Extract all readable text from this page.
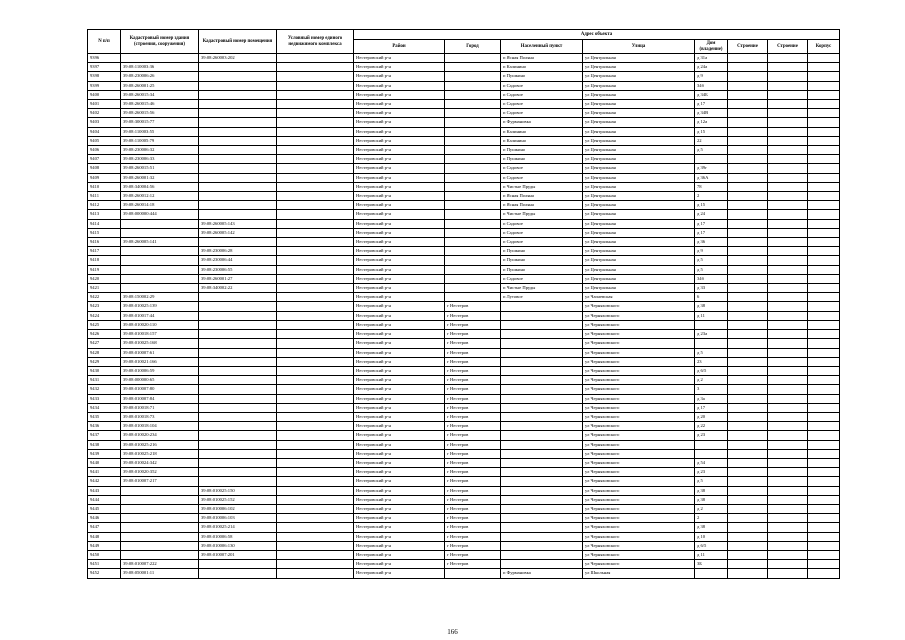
N п/п	Кадастровый номер здания (строения, сооружения)	Кадастровый номер помещения	Условный номер единого недвижимого комплекса	Адрес объекта							
				Район	Город	Населенный пункт	Улица	Дом (владение)	Строение	Строение	Корпус
9396		39:08:260003:202		Нестеровский р-н		п Ясная Поляна	ул Центральная	д 31а			
9397	39:08:110003:36			Нестеровский р-н		п Калинино	ул Центральная	д 24а			
9398	39:08:230006:26			Нестеровский р-н		п Пушкино	ул Центральная	д 9			
9399	39:08:260001:25			Нестеровский р-н		п Садовое	ул Центральная	34б			
9400	39:08:260015:34			Нестеровский р-н		п Садовое	ул Центральная	д 34Б			
9401	39:08:260015:46			Нестеровский р-н		п Садовое	ул Центральная	д 17			
9402	39:08:260015:56			Нестеровский р-н		п Садовое	ул Центральная	д 34В			
9403	39:08:300015:77			Нестеровский р-н		п Фурмановка	ул Центральная	д 12а			
9404	39:08:110003:55			Нестеровский р-н		п Калинино	ул Центральная	д 15			
9405	39:08:110005:79			Нестеровский р-н		п Калинино	ул Центральная	22			
9406	39:08:230006:32			Нестеровский р-н		п Пушкино	ул Центральная	д 5			
9407	39:08:230006:33			Нестеровский р-н		п Пушкино	ул Центральная				
9408	39:08:260015:51			Нестеровский р-н		п Садовое	ул Центральная	д 39г			
9409	39:08:260001:32			Нестеровский р-н		п Садовое	ул Центральная	д 36А			
9410	39:08:340004:56			Нестеровский р-н		п Чистые Пруды	ул Центральная	78			
9411	39:08:260012:12			Нестеровский р-н		п Ясная Поляна	ул Центральная	2			
9412	39:08:260014:18			Нестеровский р-н		п Ясная Поляна	ул Центральная	д 15			
9413	39:08:000000:444			Нестеровский р-н		п Чистые Пруды	ул Центральная	д 24			
9414		39:08:260005:143		Нестеровский р-н		п Садовое	ул Центральная	д 17			
9415		39:08:260005:142		Нестеровский р-н		п Садовое	ул Центральная	д 17			
9416	39:08:260005:141			Нестеровский р-н		п Садовое	ул Центральная	д 36			
9417		39:08:230006:28		Нестеровский р-н		п Пушкино	ул Центральная	д 9			
9418		39:08:230006:44		Нестеровский р-н		п Пушкино	ул Центральная	д 5			
9419		39:08:230006:55		Нестеровский р-н		п Пушкино	ул Центральная	д 5			
9420		39:08:260001:27		Нестеровский р-н		п Садовое	ул Центральная	34б			
9421		39:08:340002:22		Нестеровский р-н		п Чистые Пруды	ул Центральная	д 33			
9422	39:08:150002:29			Нестеровский р-н		п Лутовое	ул Чапаевская	6			
9423	39:08:010025:139			Нестеровский р-н	г Нестеров		ул Черняховского	д 38			
9424	39:08:010017:44			Нестеровский р-н	г Нестеров		ул Черняховского	д 11			
9425	39:08:010020:110			Нестеровский р-н	г Нестеров		ул Черняховского				
9426	39:08:010018:157			Нестеровский р-н	г Нестеров		ул Черняховского	д 23а			
9427	39:08:010025:168			Нестеровский р-н	г Нестеров		ул Черняховского				
9428	39:08:010007:61			Нестеровский р-н	г Нестеров		ул Черняховского	д 5			
9429	39:08:010021:166			Нестеровский р-н	г Нестеров		ул Черняховского	23			
9430	39:08:010006:59			Нестеровский р-н	г Нестеров		ул Черняховского	д 6/5			
9431	39:08:000000:65			Нестеровский р-н	г Нестеров		ул Черняховского	д 2			
9432	39:08:010007:80			Нестеровский р-н	г Нестеров		ул Черняховского	3			
9433	39:08:010007:84			Нестеровский р-н	г Нестеров		ул Черняховского	д 3а			
9434	39:08:010018:71			Нестеровский р-н	г Нестеров		ул Черняховского	д 17			
9435	39:08:010018:73			Нестеровский р-н	г Нестеров		ул Черняховского	д 20			
9436	39:08:010018:104			Нестеровский р-н	г Нестеров		ул Черняховского	д 22			
9437	39:08:010020:234			Нестеровский р-н	г Нестеров		ул Черняховского	д 23			
9438	39:08:010025:216			Нестеровский р-н	г Нестеров		ул Черняховского				
9439	39:08:010025:218			Нестеровский р-н	г Нестеров		ул Черняховского				
9440	39:08:010024:342			Нестеровский р-н	г Нестеров		ул Черняховского	д 54			
9441	39:08:010020:352			Нестеровский р-н	г Нестеров		ул Черняховского	д 23			
9442	39:08:010007:217			Нестеровский р-н	г Нестеров		ул Черняховского	д 5			
9443		39:08:010025:150		Нестеровский р-н	г Нестеров		ул Черняховского	д 38			
9444		39:08:010025:152		Нестеровский р-н	г Нестеров		ул Черняховского	д 38			
9445		39:08:010006:102		Нестеровский р-н	г Нестеров		ул Черняховского	д 2			
9446		39:08:010006:103		Нестеровский р-н	г Нестеров		ул Черняховского	2			
9447		39:08:010025:214		Нестеровский р-н	г Нестеров		ул Черняховского	д 38			
9448		39:08:010006:58		Нестеровский р-н	г Нестеров		ул Черняховского	д 10			
9449		39:08:010006:130		Нестеровский р-н	г Нестеров		ул Черняховского	д 6/5			
9450		39:08:010007:201		Нестеровский р-н	г Нестеров		ул Черняховского	д 11			
9451	39:08:010007:222			Нестеровский р-н	г Нестеров		ул Черняховского	3Б			
9452	39:08:050001:11			Нестеровский р-н		п Фурмановка	ул Школьная				
166
